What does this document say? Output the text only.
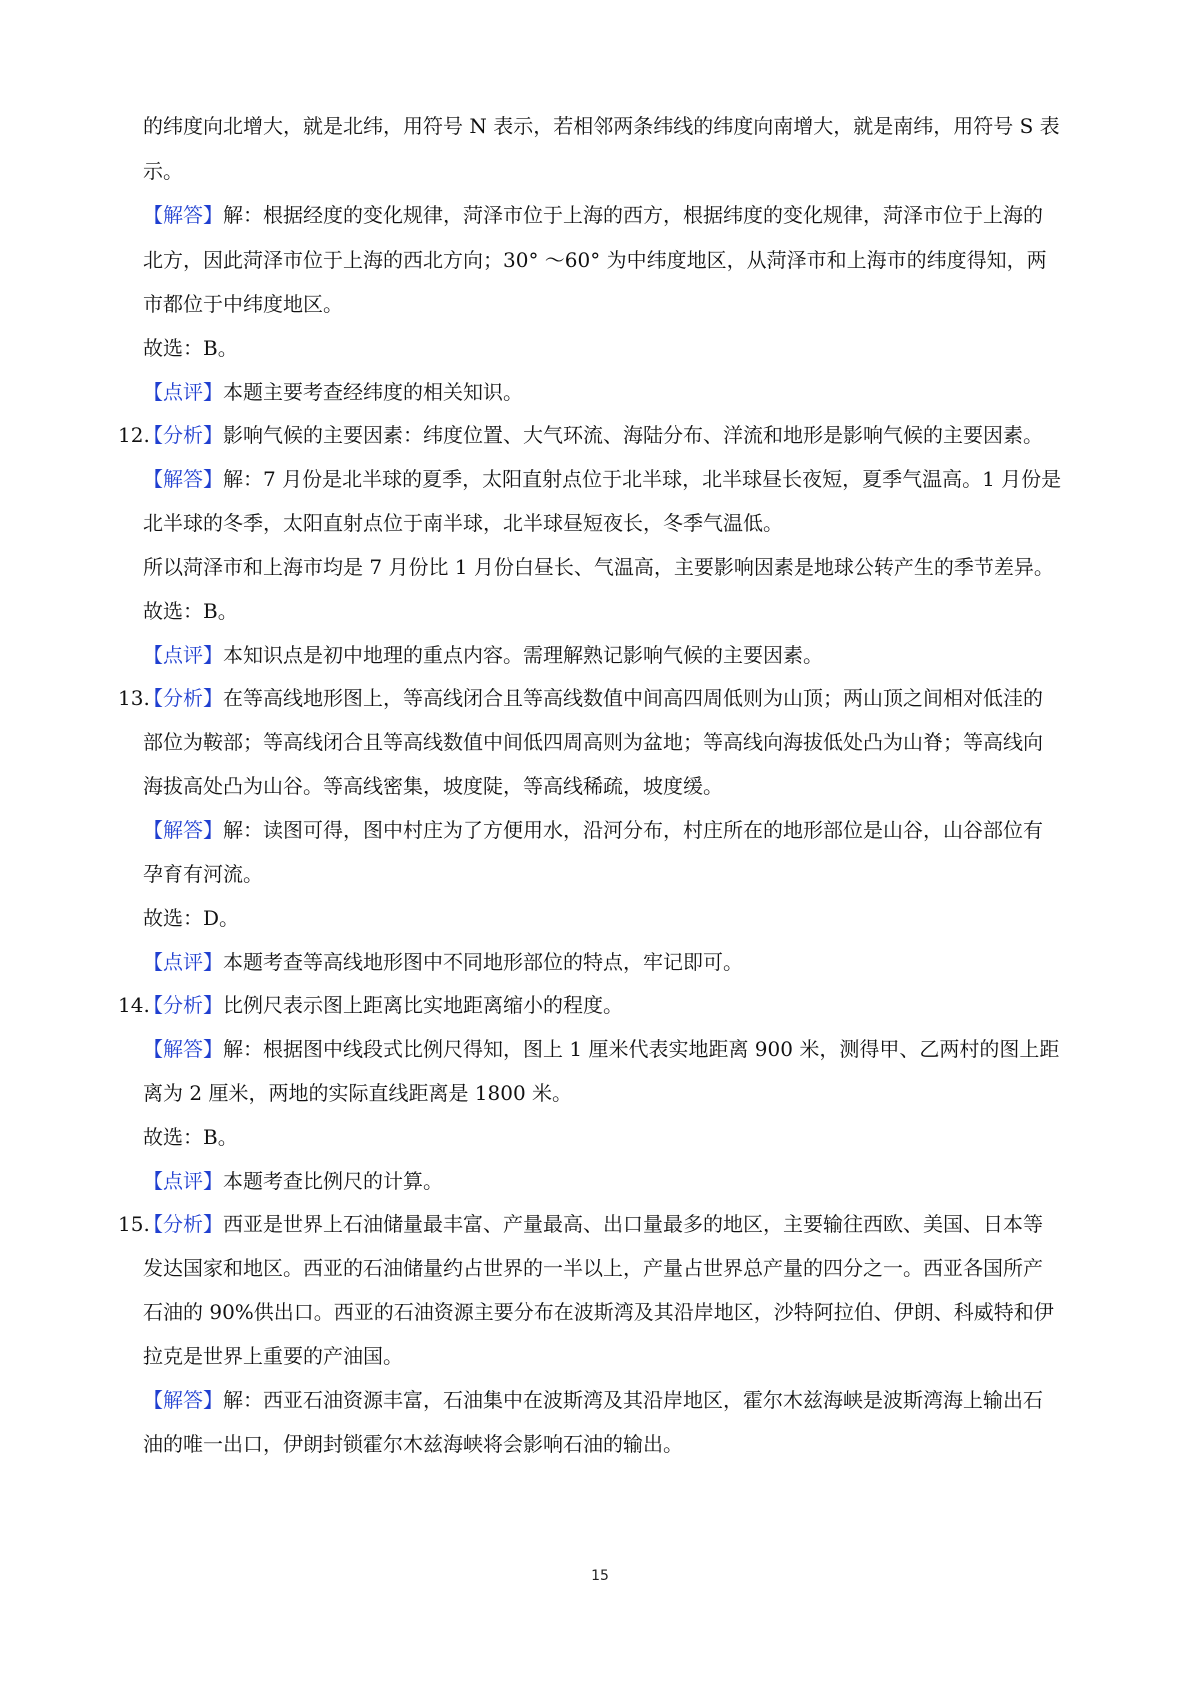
的纬度向北增大，就是北纬，用符号 N 表示，若相邻两条纬线的纬度向南增大，就是南纬，用符号 S 表
示。
【解答】解：根据经度的变化规律，菏泽市位于上海的西方，根据纬度的变化规律，菏泽市位于上海的
北方，因此菏泽市位于上海的西北方向；30° ～60° 为中纬度地区，从菏泽市和上海市的纬度得知，两
市都位于中纬度地区。
故选：B。
【点评】本题主要考查经纬度的相关知识。
12.
【分析】影响气候的主要因素：纬度位置、大气环流、海陆分布、洋流和地形是影响气候的主要因素。
【解答】解：7 月份是北半球的夏季，太阳直射点位于北半球，北半球昼长夜短，夏季气温高。1 月份是
北半球的冬季，太阳直射点位于南半球，北半球昼短夜长，冬季气温低。
所以菏泽市和上海市均是 7 月份比 1 月份白昼长、气温高，主要影响因素是地球公转产生的季节差异。
故选：B。
【点评】本知识点是初中地理的重点内容。需理解熟记影响气候的主要因素。
13.
【分析】在等高线地形图上，等高线闭合且等高线数值中间高四周低则为山顶；两山顶之间相对低洼的
部位为鞍部；等高线闭合且等高线数值中间低四周高则为盆地；等高线向海拔低处凸为山脊；等高线向
海拔高处凸为山谷。等高线密集，坡度陡，等高线稀疏，坡度缓。
【解答】解：读图可得，图中村庄为了方便用水，沿河分布，村庄所在的地形部位是山谷，山谷部位有
孕育有河流。
故选：D。
【点评】本题考查等高线地形图中不同地形部位的特点，牢记即可。
14.
【分析】比例尺表示图上距离比实地距离缩小的程度。
【解答】解：根据图中线段式比例尺得知，图上 1 厘米代表实地距离 900 米，测得甲、乙两村的图上距
离为 2 厘米，两地的实际直线距离是 1800 米。
故选：B。
【点评】本题考查比例尺的计算。
15.
【分析】西亚是世界上石油储量最丰富、产量最高、出口量最多的地区，主要输往西欧、美国、日本等
发达国家和地区。西亚的石油储量约占世界的一半以上，产量占世界总产量的四分之一。西亚各国所产
石油的 90%供出口。西亚的石油资源主要分布在波斯湾及其沿岸地区，沙特阿拉伯、伊朗、科威特和伊
拉克是世界上重要的产油国。
【解答】解：西亚石油资源丰富，石油集中在波斯湾及其沿岸地区，霍尔木兹海峡是波斯湾海上输出石
油的唯一出口，伊朗封锁霍尔木兹海峡将会影响石油的输出。
15
